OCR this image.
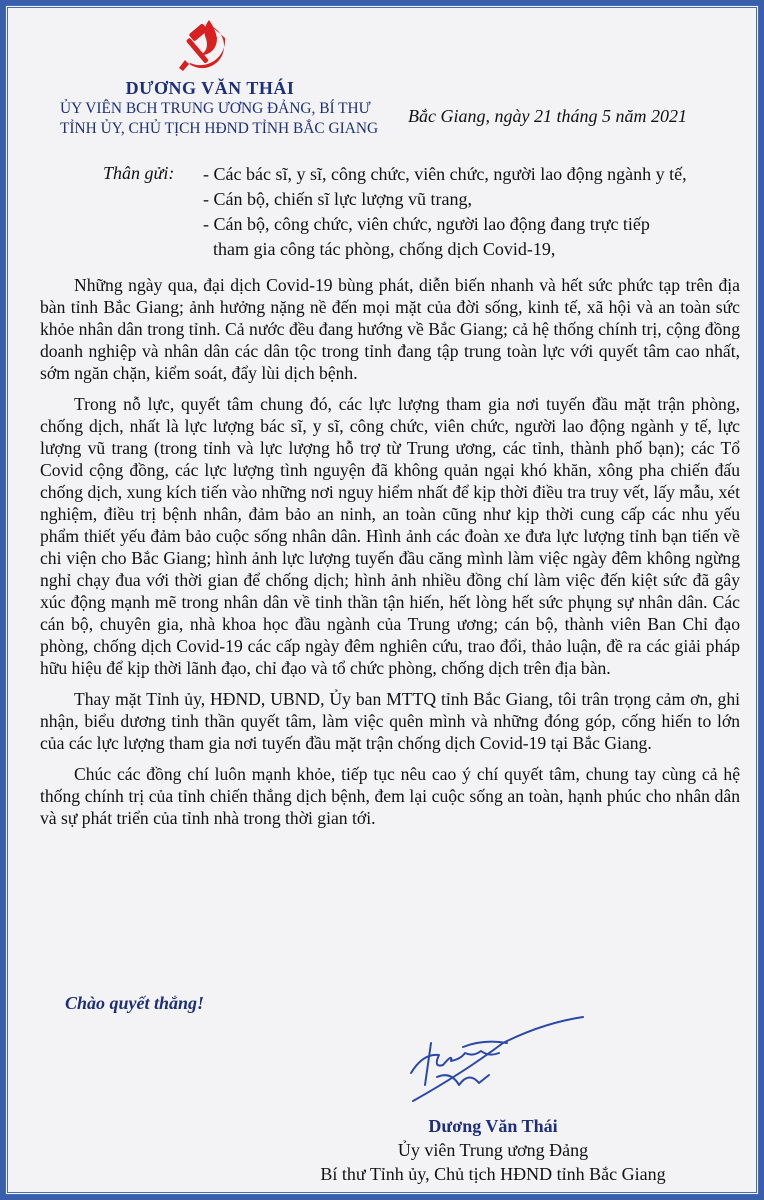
DƯƠNG VĂN THÁI

ỦY VIÊN BCH TRUNG ƯƠNG ĐẢNG, BÍ THƯ

TỈNH ỦY, CHỦ TỊCH HĐND TỈNH BẮC GIANG

Bắc Giang, ngày 21 tháng 5 năm 2021
Thân gửi: - Các bác sĩ, y sĩ, công chức, viên chức, người lao động ngành y tế,
- Cán bộ, chiến sĩ lực lượng vũ trang,
- Cán bộ, công chức, viên chức, người lao động đang trực tiếp
tham gia công tác phòng, chống dịch Covid-19,

Những ngày qua, đại dịch Covid-19 bùng phát, diễn biến nhanh và hết sức phức tạp trên địa bàn tỉnh Bắc Giang; ảnh hưởng nặng nề đến mọi mặt của đời sống, kinh tế, xã hội và an toàn sức khỏe nhân dân trong tỉnh. Cả nước đều đang hướng về Bắc Giang; cả hệ thống chính trị, cộng đồng doanh nghiệp và nhân dân các dân tộc trong tỉnh đang tập trung toàn lực với quyết tâm cao nhất, sớm ngăn chặn, kiểm soát, đẩy lùi dịch bệnh.

Trong nỗ lực, quyết tâm chung đó, các lực lượng tham gia nơi tuyến đầu mặt trận phòng, chống dịch, nhất là lực lượng bác sĩ, y sĩ, công chức, viên chức, người lao động ngành y tế, lực lượng vũ trang (trong tỉnh và lực lượng hỗ trợ từ Trung ương, các tỉnh, thành phố bạn); các Tổ Covid cộng đồng, các lực lượng tình nguyện đã không quản ngại khó khăn, xông pha chiến đấu chống dịch, xung kích tiến vào những nơi nguy hiểm nhất để kịp thời điều tra truy vết, lấy mẫu, xét nghiệm, điều trị bệnh nhân, đảm bảo an ninh, an toàn cũng như kịp thời cung cấp các nhu yếu phẩm thiết yếu đảm bảo cuộc sống nhân dân. Hình ảnh các đoàn xe đưa lực lượng tỉnh bạn tiến về chi viện cho Bắc Giang; hình ảnh lực lượng tuyến đầu căng mình làm việc ngày đêm không ngừng nghỉ chạy đua với thời gian để chống dịch; hình ảnh nhiều đồng chí làm việc đến kiệt sức đã gây xúc động mạnh mẽ trong nhân dân về tinh thần tận hiến, hết lòng hết sức phụng sự nhân dân. Các cán bộ, chuyên gia, nhà khoa học đầu ngành của Trung ương; cán bộ, thành viên Ban Chỉ đạo phòng, chống dịch Covid-19 các cấp ngày đêm nghiên cứu, trao đổi, thảo luận, đề ra các giải pháp hữu hiệu để kịp thời lãnh đạo, chỉ đạo và tổ chức phòng, chống dịch trên địa bàn.

Thay mặt Tỉnh ủy, HĐND, UBND, Ủy ban MTTQ tỉnh Bắc Giang, tôi trân trọng cảm ơn, ghi nhận, biểu dương tinh thần quyết tâm, làm việc quên mình và những đóng góp, cống hiến to lớn của các lực lượng tham gia nơi tuyến đầu mặt trận chống dịch Covid-19 tại Bắc Giang.

Chúc các đồng chí luôn mạnh khỏe, tiếp tục nêu cao ý chí quyết tâm, chung tay cùng cả hệ thống chính trị của tỉnh chiến thắng dịch bệnh, đem lại cuộc sống an toàn, hạnh phúc cho nhân dân và sự phát triển của tỉnh nhà trong thời gian tới.

Chào quyết thắng!

Dương Văn Thái

Ủy viên Trung ương Đảng

Bí thư Tỉnh ủy, Chủ tịch HĐND tỉnh Bắc Giang
